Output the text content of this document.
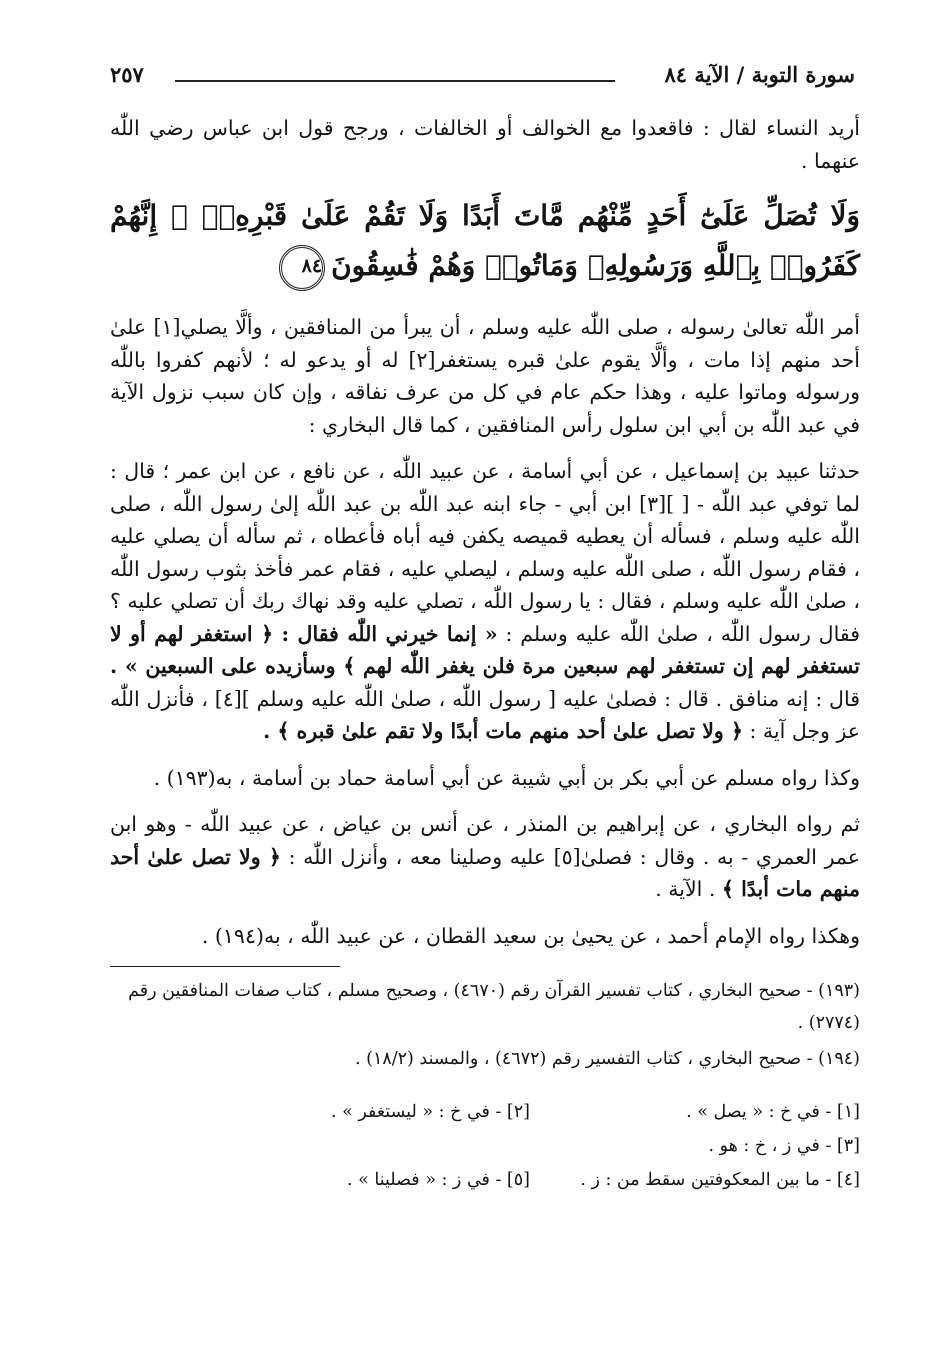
سورة التوبة / الآية ٨٤
٢٥٧

أريد النساء لقال : فاقعدوا مع الخوالف أو الخالفات ، ورجح قول ابن عباس رضي اللّٰه عنهما .

وَلَا تُصَلِّ عَلَىٰٓ أَحَدٍ مِّنْهُم مَّاتَ أَبَدًا وَلَا تَقُمْ عَلَىٰ قَبْرِهِۦٓ ۖ إِنَّهُمْ كَفَرُوا۟ بِٱللَّهِ وَرَسُولِهِۦ وَمَاتُوا۟ وَهُمْ فَٰسِقُونَ٨٤

أمر اللّٰه تعالىٰ رسوله ، صلى اللّٰه عليه وسلم ، أن يبرأ من المنافقين ، وألَّا يصلي[١] علىٰ أحد منهم إذا مات ، وألَّا يقوم علىٰ قبره يستغفر[٢] له أو يدعو له ؛ لأنهم كفروا باللّٰه ورسوله وماتوا عليه ، وهذا حكم عام في كل من عرف نفاقه ، وإن كان سبب نزول الآية في عبد اللّٰه بن أبي ابن سلول رأس المنافقين ، كما قال البخاري :

حدثنا عبيد بن إسماعيل ، عن أبي أسامة ، عن عبيد اللّٰه ، عن نافع ، عن ابن عمر ؛ قال : لما توفي عبد اللّٰه - [ ][٣] ابن أبي - جاء ابنه عبد اللّٰه بن عبد اللّٰه إلىٰ رسول اللّٰه ، صلى اللّٰه عليه وسلم ، فسأله أن يعطيه قميصه يكفن فيه أباه فأعطاه ، ثم سأله أن يصلي عليه ، فقام رسول اللّٰه ، صلى اللّٰه عليه وسلم ، ليصلي عليه ، فقام عمر فأخذ بثوب رسول اللّٰه ، صلىٰ اللّٰه عليه وسلم ، فقال : يا رسول اللّٰه ، تصلي عليه وقد نهاك ربك أن تصلي عليه ؟ فقال رسول اللّٰه ، صلىٰ اللّٰه عليه وسلم : « إنما خيرني اللّٰه فقال : ﴿ استغفر لهم أو لا تستغفر لهم إن تستغفر لهم سبعين مرة فلن يغفر اللّٰه لهم ﴾ وسأزيده على السبعين » . قال : إنه منافق . قال : فصلىٰ عليه [ رسول اللّٰه ، صلىٰ اللّٰه عليه وسلم ][٤] ، فأنزل اللّٰه عز وجل آية : ﴿ ولا تصل علىٰ أحد منهم مات أبدًا ولا تقم علىٰ قبره ﴾ .

وكذا رواه مسلم عن أبي بكر بن أبي شيبة عن أبي أسامة حماد بن أسامة ، به(١٩٣) .

ثم رواه البخاري ، عن إبراهيم بن المنذر ، عن أنس بن عياض ، عن عبيد اللّٰه - وهو ابن عمر العمري - به . وقال : فصلىٰ[٥] عليه وصلينا معه ، وأنزل اللّٰه : ﴿ ولا تصل علىٰ أحد منهم مات أبدًا ﴾ . الآية .

وهكذا رواه الإمام أحمد ، عن يحيىٰ بن سعيد القطان ، عن عبيد اللّٰه ، به(١٩٤) .

(١٩٣) - صحيح البخاري ، كتاب تفسير القرآن رقم (٤٦٧٠) ، وصحيح مسلم ، كتاب صفات المنافقين رقم (٢٧٧٤) .

(١٩٤) - صحيح البخاري ، كتاب التفسير رقم (٤٦٧٢) ، والمسند (١٨/٢) .

[١] - في خ : « يصل » .
[٢] - في خ : « ليستغفر » .
[٣] - في ز ، خ : هو .
[٤] - ما بين المعكوفتين سقط من : ز .
[٥] - في ز : « فصلينا » .
